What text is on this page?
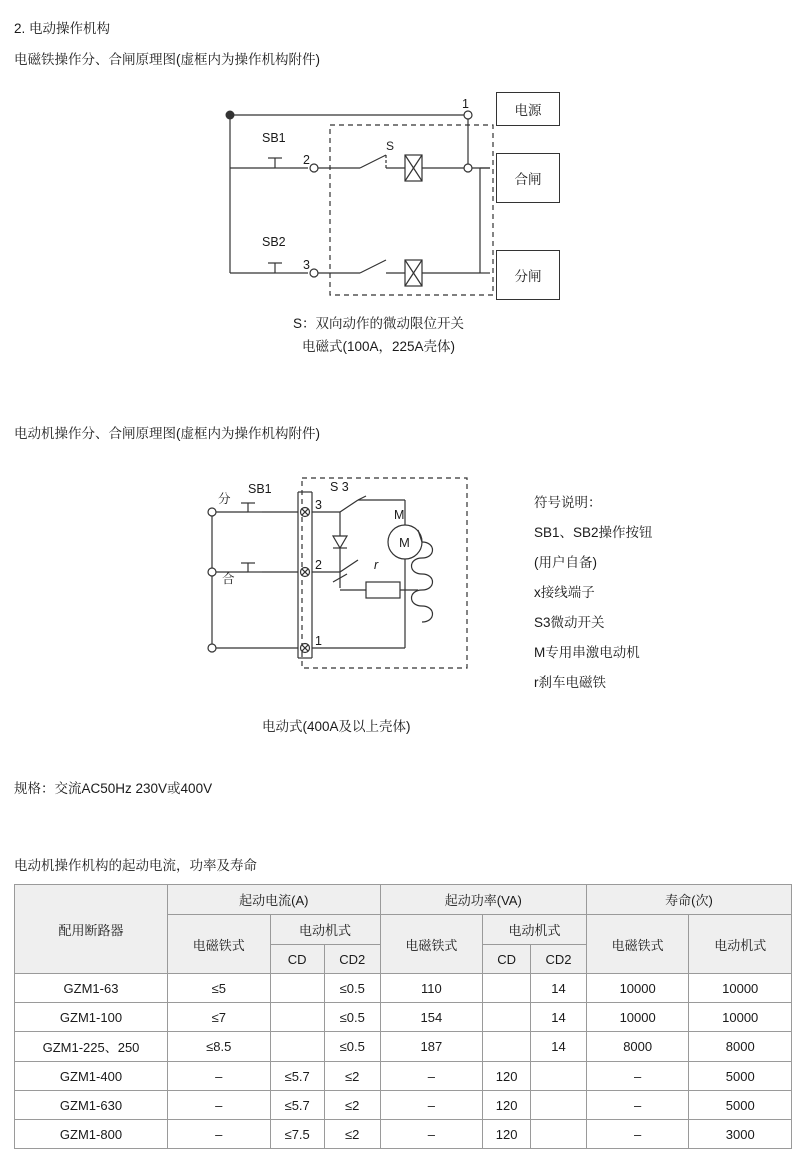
2. 电动操作机构
电磁铁操作分、合闸原理图(虚框内为操作机构附件)
S
SB1
SB2
2
3
1	电源
合闸
分闸
S：双向动作的微动限位开关
电磁式(100A，225A壳体)
电动机操作分、合闸原理图(虚框内为操作机构附件)
M
分
合
SB1	S 3
3
2
1
M
r
符号说明：
SB1、SB2操作按钮
(用户自备)
x接线端子
S3微动开关
M专用串激电动机
r刹车电磁铁
电动式(400A及以上壳体)
规格：交流AC50Hz 230V或400V
电动机操作机构的起动电流，功率及寿命
配用断路器	起动电流(A)			起动功率(VA)			寿命(次)	
	电磁铁式	电动机式		电磁铁式	电动机式		电磁铁式	电动机式
		CD	CD2		CD	CD2		
GZM1-63	≤5		≤0.5	110		14	10000	10000
GZM1-100	≤7		≤0.5	154		14	10000	10000
GZM1-225、250	≤8.5		≤0.5	187		14	8000	8000
GZM1-400	–	≤5.7	≤2	–	120		–	5000
GZM1-630	–	≤5.7	≤2	–	120		–	5000
GZM1-800	–	≤7.5	≤2	–	120		–	3000
